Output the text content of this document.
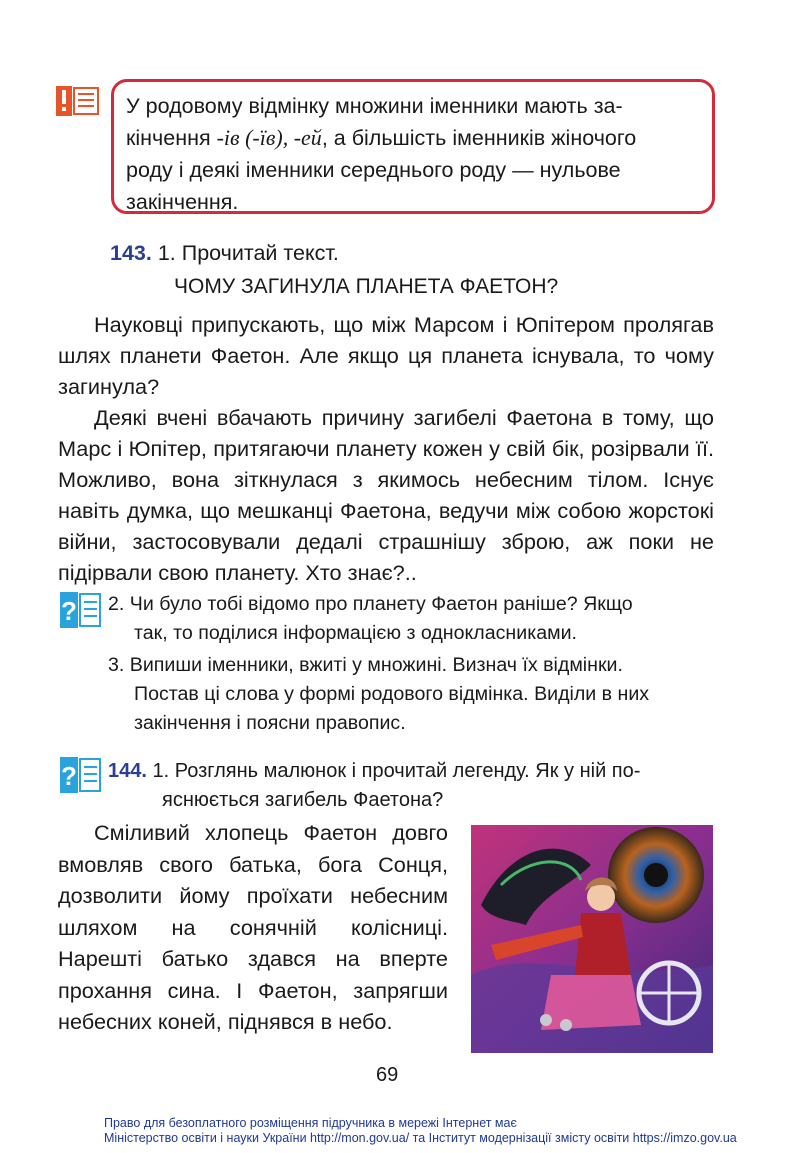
У родовому відмінку множини іменники мають за-
кінчення -ів (-їв), -ей, а більшість іменників жіночого
роду і деякі іменники середнього роду — нульове
закінчення.
143. 1. Прочитай текст.
ЧОМУ ЗАГИНУЛА ПЛАНЕТА ФАЕТОН?
Науковці припускають, що між Марсом і Юпітером пролягав шлях планети Фаетон. Але якщо ця планета існувала, то чому загинула?
Деякі вчені вбачають причину загибелі Фаетона в тому, що Марс і Юпітер, притягаючи планету кожен у свій бік, розірвали її. Можливо, вона зіткнулася з якимось небесним тілом. Існує навіть думка, що мешканці Фаетона, ведучи між собою жорстокі війни, застосовували дедалі страшнішу зброю, аж поки не підірвали свою планету. Хто знає?..
? 2. Чи було тобі відомо про планету Фаетон раніше? Якщо
так, то поділися інформацією з однокласниками.
3. Випиши іменники, вжиті у множині. Визнач їх відмінки.
Постав ці слова у формі родового відмінка. Виділи в них
закінчення і поясни правопис.
? 144. 1. Розглянь малюнок і прочитай легенду. Як у ній по-
яснюється загибель Фаетона?
Сміливий хлопець Фаетон довго вмовляв свого батька, бога Сонця, дозволити йому проїхати небесним шляхом на сонячній колісниці. Нарешті батько здався на вперте прохання сина. І Фаетон, запрягши небесних коней, піднявся в небо.
69
Право для безоплатного розміщення підручника в мережі Інтернет має
Міністерство освіти і науки України http://mon.gov.ua/ та Інститут модернізації змісту освіти https://imzo.gov.ua
